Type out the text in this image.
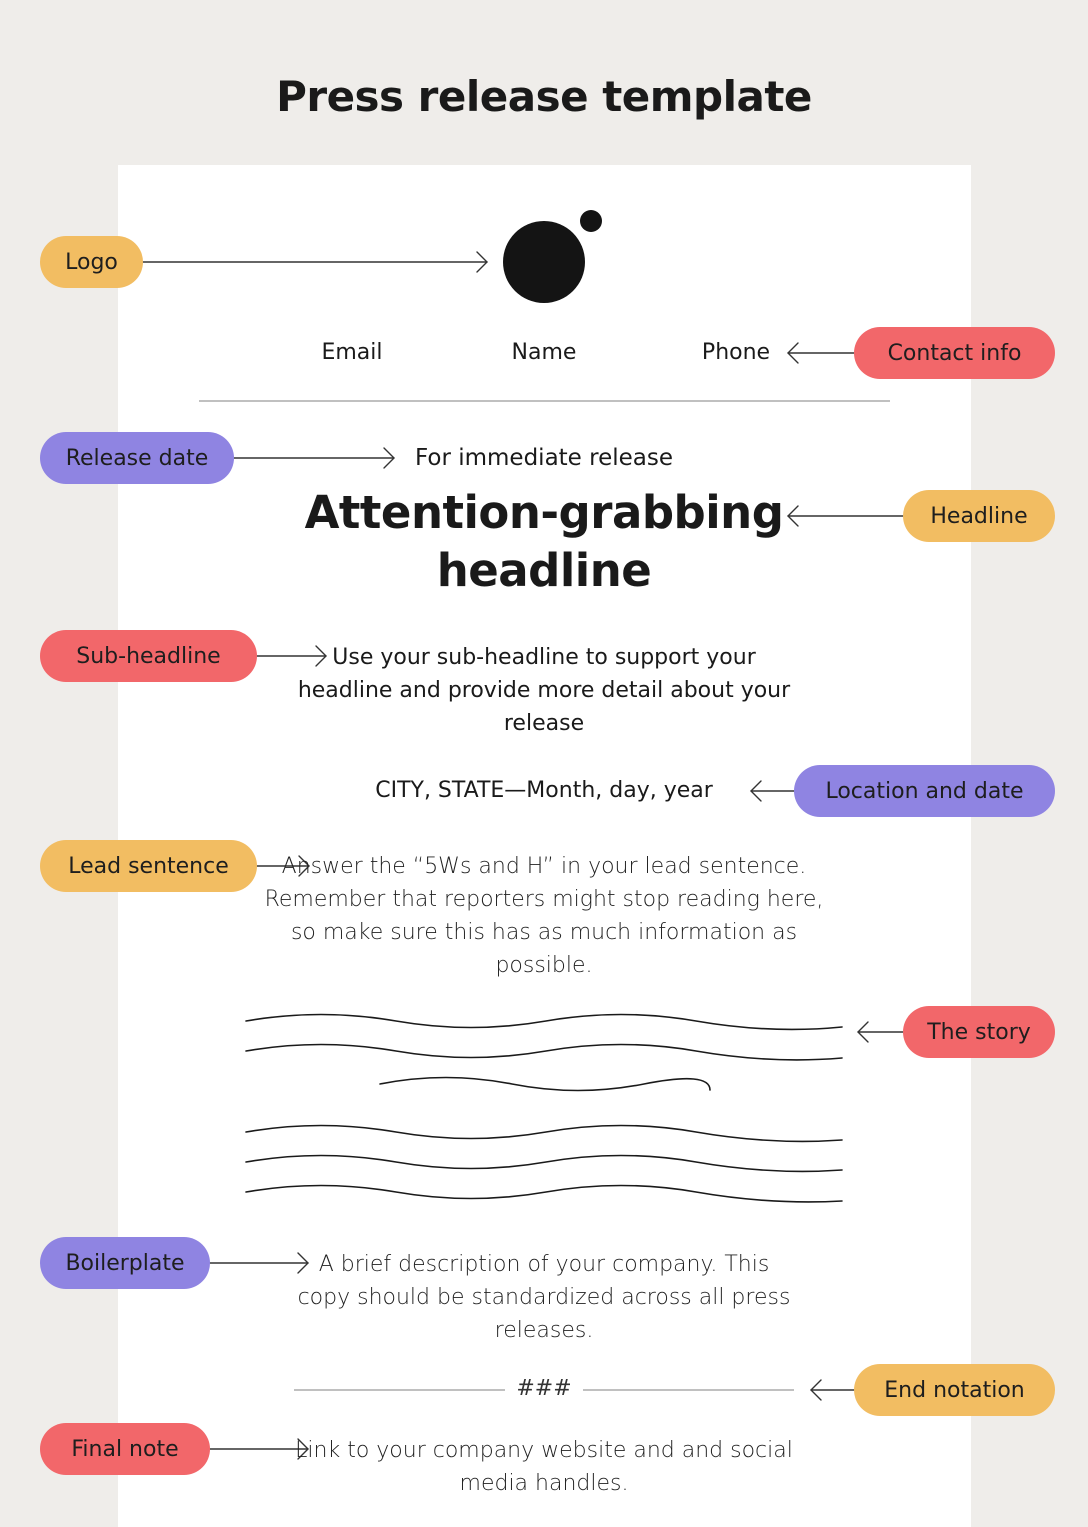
Press release template
Email	Name	Phone
For immediate release
Attention-grabbing headline
Use your sub-headline to support your headline and provide more detail about your release
CITY, STATE—Month, day, year
Answer the “5Ws and H” in your lead sentence. Remember that reporters might stop reading here, so make sure this has as much information as possible.
A brief description of your company. This copy should be standardized across all press releases.
###
Link to your company website and and social media handles.
Logo
Contact info
Release date
Headline
Sub-headline
Location and date
Lead sentence
The story
Boilerplate
End notation
Final note
